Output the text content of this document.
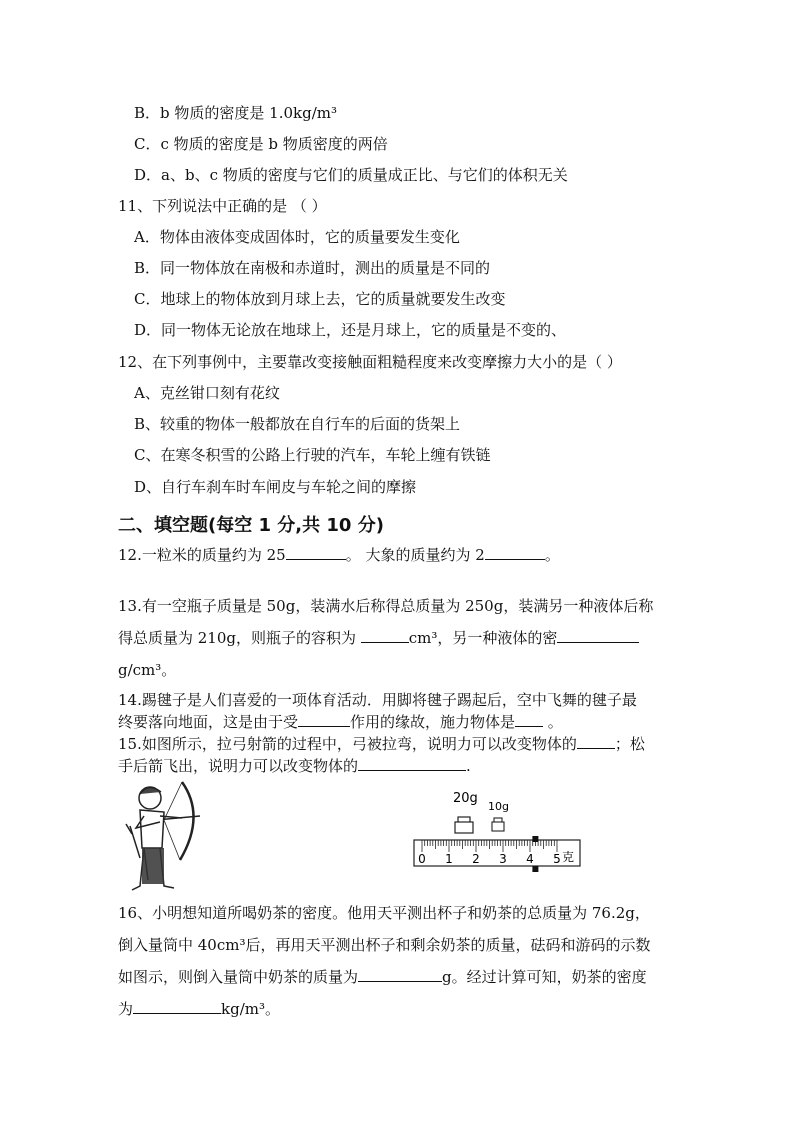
B．b 物质的密度是 1.0kg/m³
C．c 物质的密度是 b 物质密度的两倍
D．a、b、c 物质的密度与它们的质量成正比、与它们的体积无关
11、下列说法中正确的是 （ ）
A．物体由液体变成固体时，它的质量要发生变化
B．同一物体放在南极和赤道时，测出的质量是不同的
C．地球上的物体放到月球上去，它的质量就要发生改变
D．同一物体无论放在地球上，还是月球上，它的质量是不变的、
12、在下列事例中，主要靠改变接触面粗糙程度来改变摩擦力大小的是（ ）
A、克丝钳口刻有花纹
B、较重的物体一般都放在自行车的后面的货架上
C、在寒冬积雪的公路上行驶的汽车，车轮上缠有铁链
D、自行车刹车时车闸皮与车轮之间的摩擦
二、填空题(每空 1 分,共 10 分)
12.一粒米的质量约为 25	。 大象的质量约为 2	。
13.有一空瓶子质量是 50g，装满水后称得总质量为 250g，装满另一种液体后称
得总质量为 210g，则瓶子的容积为	cm³，另一种液体的密
g/cm³。
14.踢毽子是人们喜爱的一项体育活动．用脚将毽子踢起后，空中飞舞的毽子最
终要落向地面，这是由于受	作用的缘故，施力物体是 。
15.如图所示，拉弓射箭的过程中，弓被拉弯，说明力可以改变物体的	；松
手后箭飞出，说明力可以改变物体的	.
20g
10g
0 1 2 3 4 5 克
16、小明想知道所喝奶茶的密度。他用天平测出杯子和奶茶的总质量为 76.2g，
倒入量筒中 40cm³后，再用天平测出杯子和剩余奶茶的质量，砝码和游码的示数
如图示，则倒入量筒中奶茶的质量为	g。经过计算可知，奶茶的密度
为	kg/m³。
